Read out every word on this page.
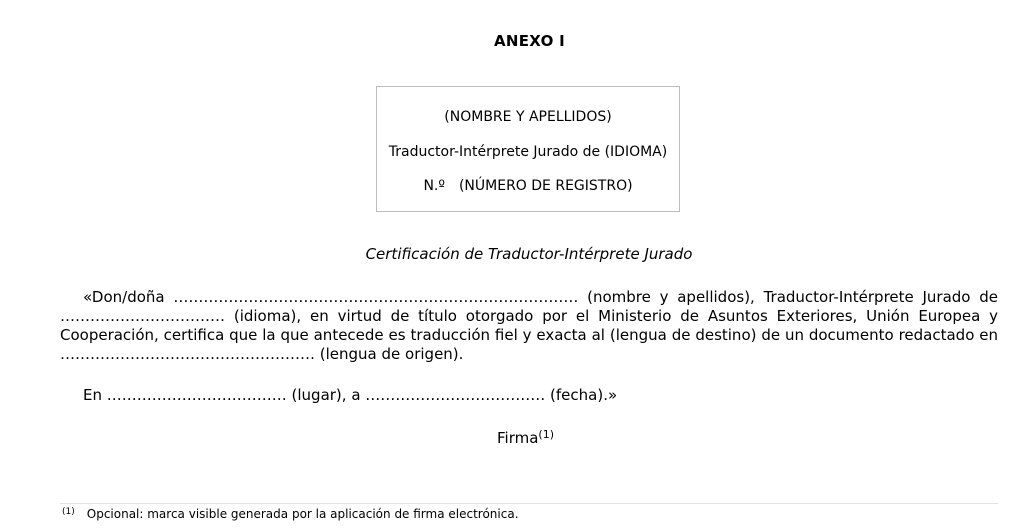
ANEXO I
(NOMBRE Y APELLIDOS)
Traductor-Intérprete Jurado de (IDIOMA)
N.º (NÚMERO DE REGISTRO)
Certificación de Traductor-Intérprete Jurado

«Don/doña ……………………………………………………………………… (nombre y apellidos), Traductor-Intérprete Jurado de …………………………… (idioma), en virtud de título otorgado por el Ministerio de Asuntos Exteriores, Unión Europea y Cooperación, certifica que la que antecede es traducción fiel y exacta al (lengua de destino) de un documento redactado en …………………………………………… (lengua de origen).

En ……………………………… (lugar), a ……………………………… (fecha).»
Firma$^{(1)}$
$^{(1)}$ Opcional: marca visible generada por la aplicación de firma electrónica.
